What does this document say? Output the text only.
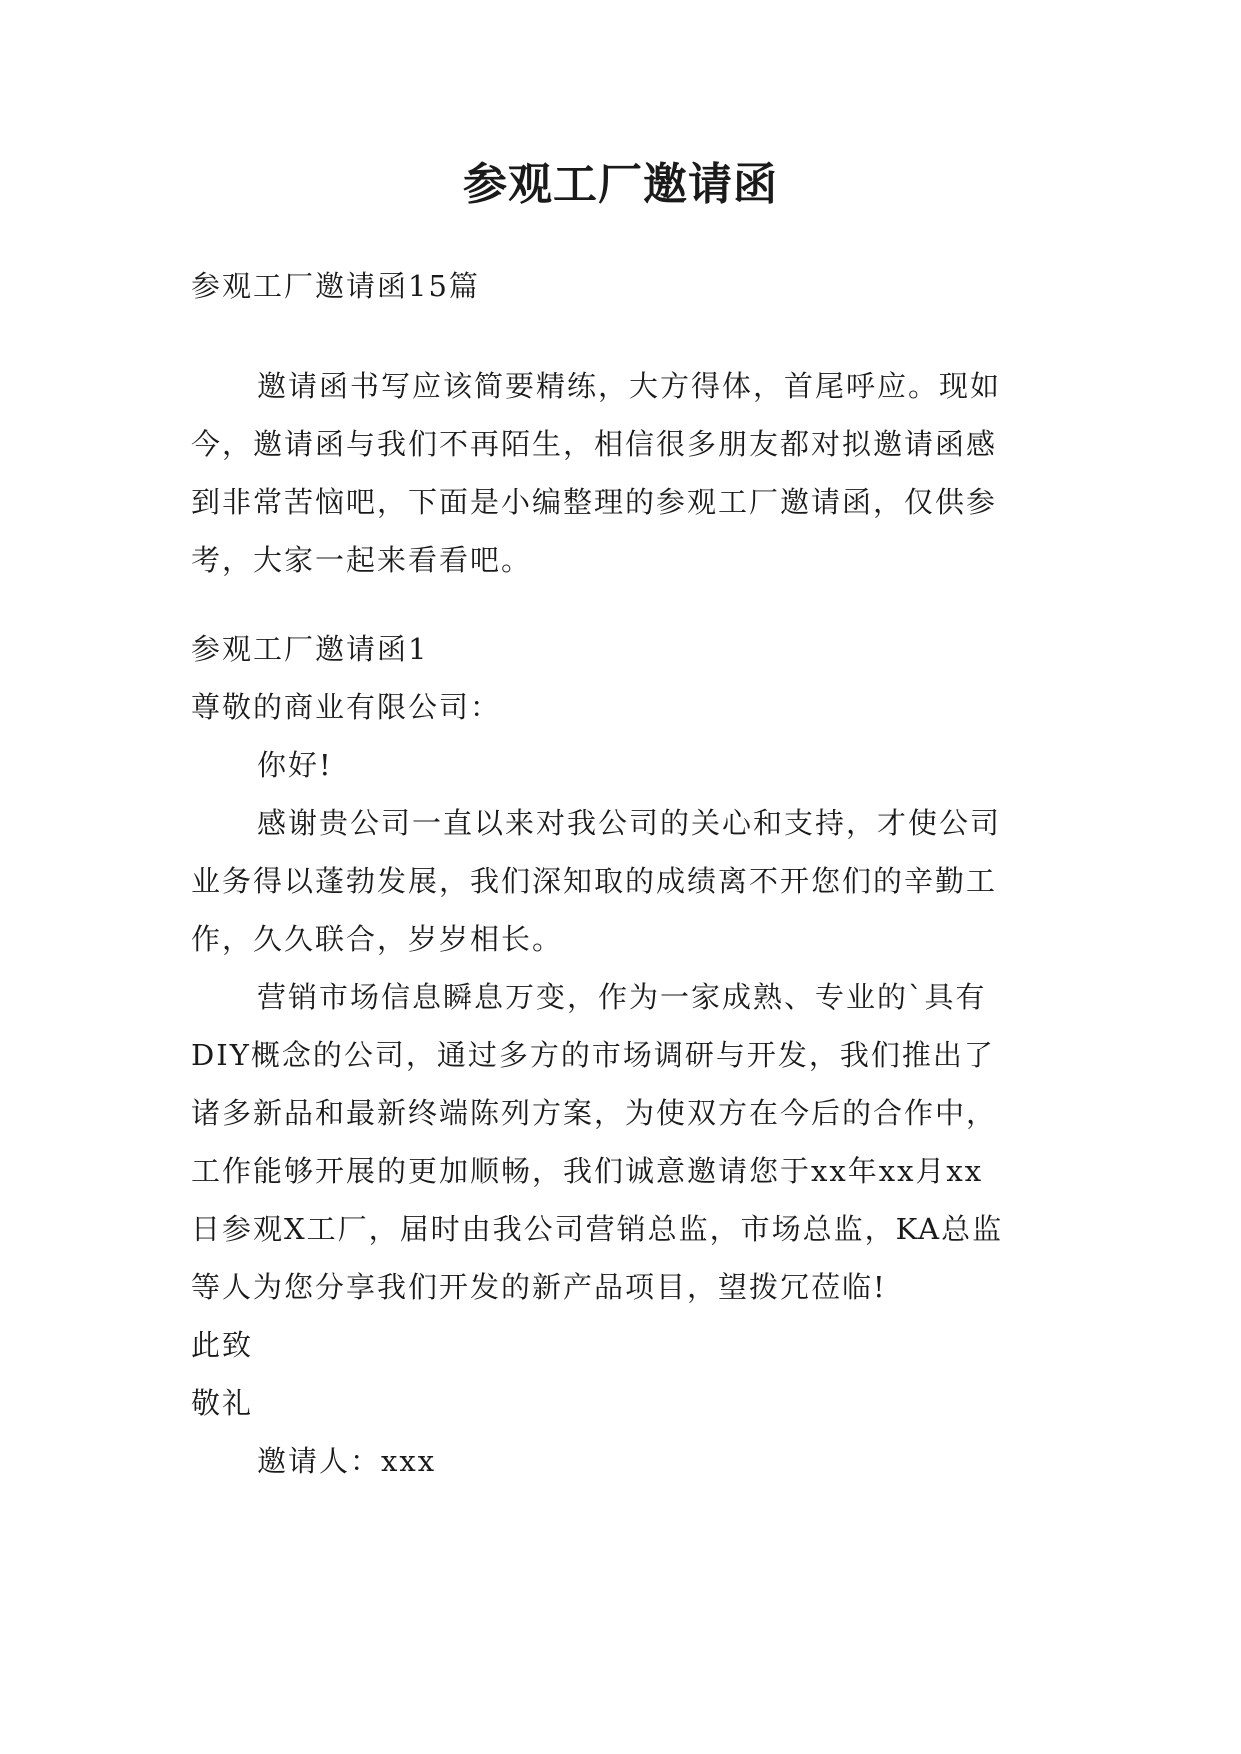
参观工厂邀请函
参观工厂邀请函15篇
邀请函书写应该简要精练，大方得体，首尾呼应。现如
今，邀请函与我们不再陌生，相信很多朋友都对拟邀请函感
到非常苦恼吧，下面是小编整理的参观工厂邀请函，仅供参
考，大家一起来看看吧。
参观工厂邀请函1
尊敬的商业有限公司：
你好!
感谢贵公司一直以来对我公司的关心和支持，才使公司
业务得以蓬勃发展，我们深知取的成绩离不开您们的辛勤工
作，久久联合，岁岁相长。
营销市场信息瞬息万变，作为一家成熟、专业的`具有
DIY概念的公司，通过多方的市场调研与开发，我们推出了
诸多新品和最新终端陈列方案，为使双方在今后的合作中，
工作能够开展的更加顺畅，我们诚意邀请您于xx年xx月xx
日参观X工厂，届时由我公司营销总监，市场总监，KA总监
等人为您分享我们开发的新产品项目，望拨冗莅临!
此致
敬礼
邀请人：xxx
